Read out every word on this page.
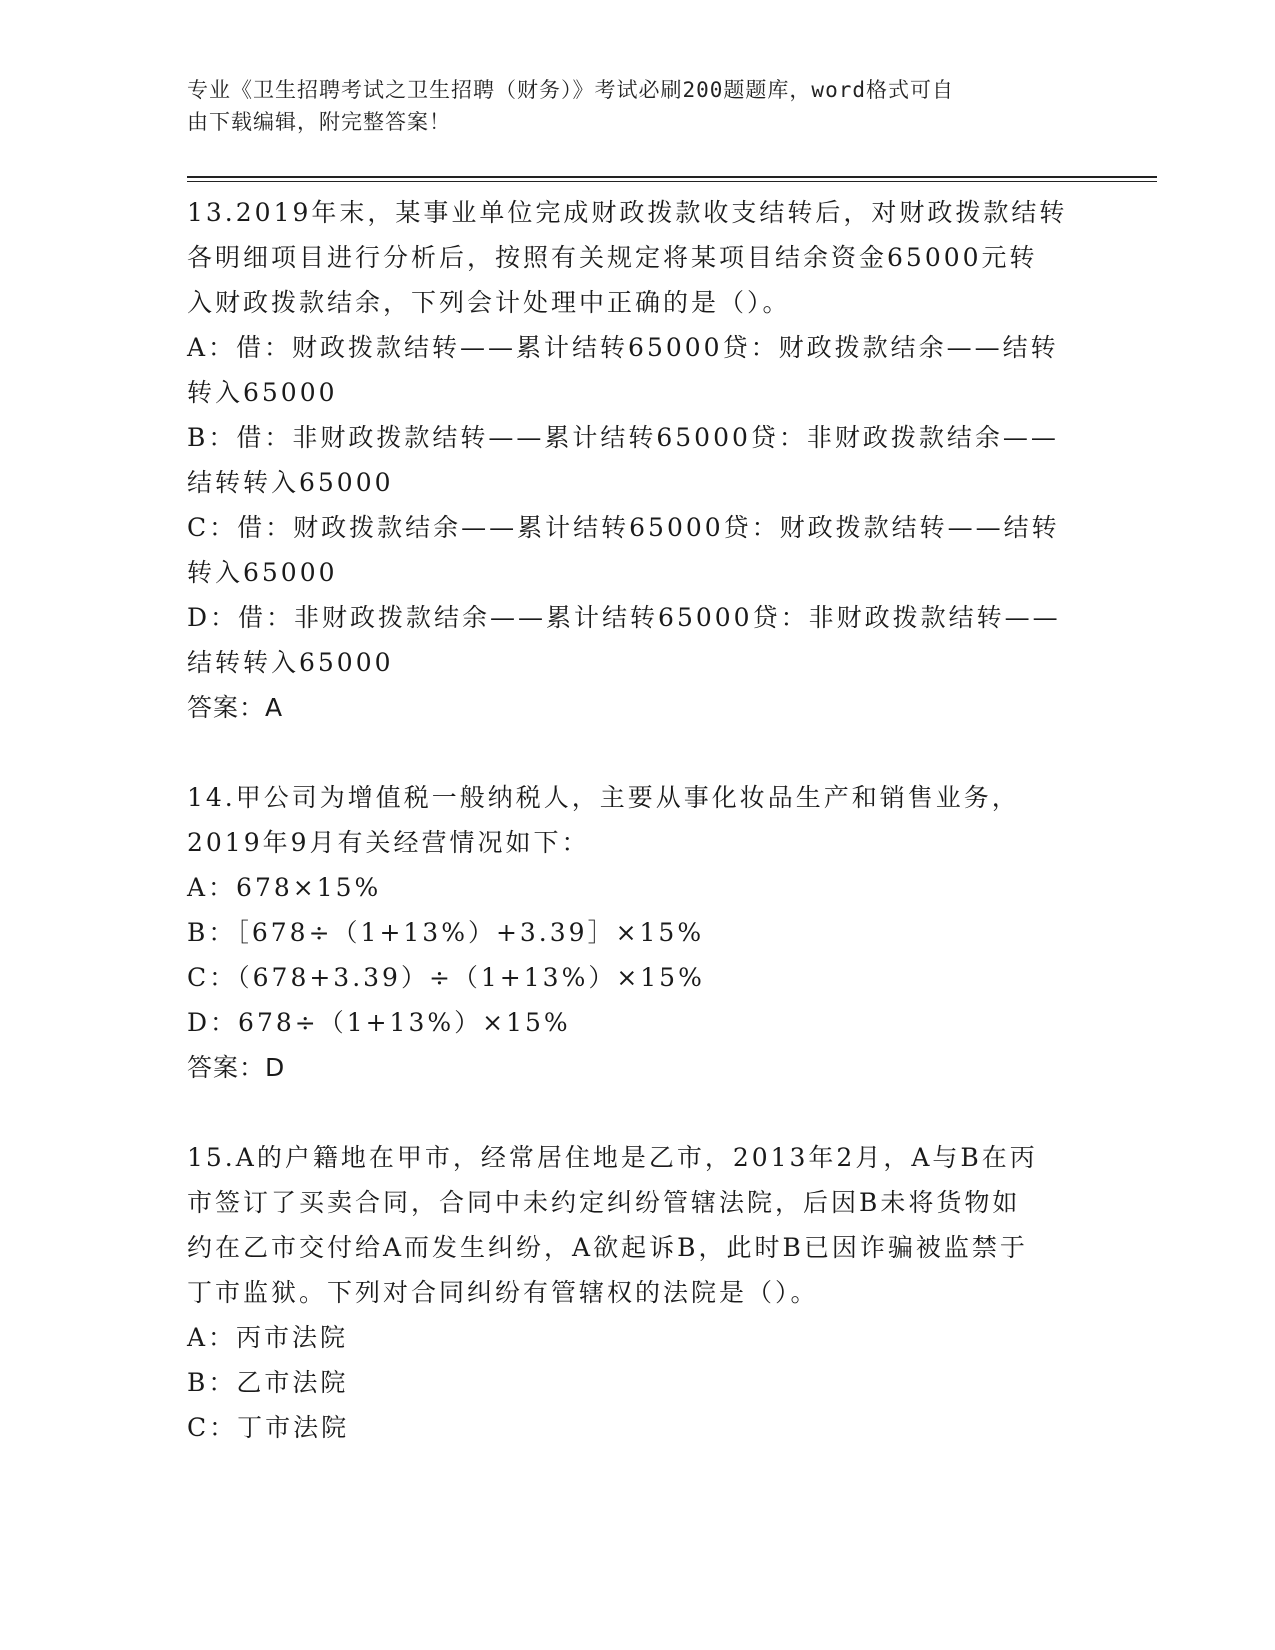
专业《卫生招聘考试之卫生招聘（财务）》考试必刷200题题库，word格式可自
由下载编辑，附完整答案！
13.2019年末，某事业单位完成财政拨款收支结转后，对财政拨款结转
各明细项目进行分析后，按照有关规定将某项目结余资金65000元转
入财政拨款结余，下列会计处理中正确的是（）。
A：借：财政拨款结转——累计结转65000贷：财政拨款结余——结转
转入65000
B：借：非财政拨款结转——累计结转65000贷：非财政拨款结余——
结转转入65000
C：借：财政拨款结余——累计结转65000贷：财政拨款结转——结转
转入65000
D：借：非财政拨款结余——累计结转65000贷：非财政拨款结转——
结转转入65000
答案：A
14.甲公司为增值税一般纳税人，主要从事化妆品生产和销售业务，
2019年9月有关经营情况如下：
A：678×15%
B：［678÷（1+13%）+3.39］×15%
C：（678+3.39）÷（1+13%）×15%
D：678÷（1+13%）×15%
答案：D
15.A的户籍地在甲市，经常居住地是乙市，2013年2月，A与B在丙
市签订了买卖合同，合同中未约定纠纷管辖法院，后因B未将货物如
约在乙市交付给A而发生纠纷，A欲起诉B，此时B已因诈骗被监禁于
丁市监狱。下列对合同纠纷有管辖权的法院是（）。
A：丙市法院
B：乙市法院
C：丁市法院
